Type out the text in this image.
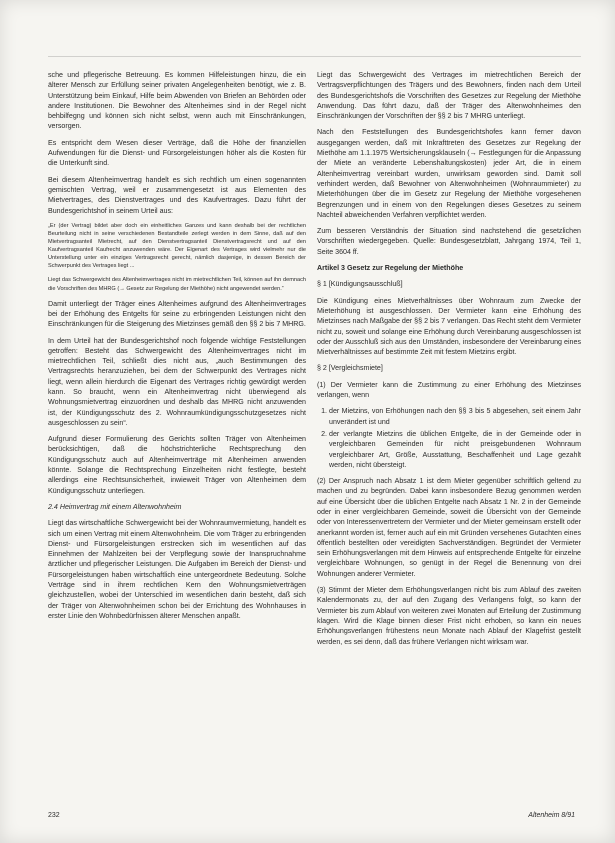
sche und pflegerische Betreuung. Es kommen Hilfeleistungen hinzu, die ein älterer Mensch zur Erfüllung seiner privaten Angelegenheiten benötigt, wie z. B. Unterstützung beim Einkauf, Hilfe beim Abwenden von Briefen an Behörden oder andere Institutionen. Die Bewohner des Altenheimes sind in der Regel nicht behbilfegng und können sich nicht selbst, wenn auch mit Einschränkungen, versorgen.

Es entspricht dem Wesen dieser Verträge, daß die Höhe der finanziellen Aufwendungen für die Dienst- und Fürsorgeleistungen höher als die Kosten für die Unterkunft sind.

Bei diesem Altenheimvertrag handelt es sich rechtlich um einen sogenannten gemischten Vertrag, weil er zusammengesetzt ist aus Elementen des Mietvertrages, des Dienstvertrages und des Kaufvertrages. Dazu führt der Bundesgerichtshof in seinem Urteil aus:

„Er (der Vertrag) bildet aber doch ein einheitliches Ganzes und kann deshalb bei der rechtlichen Beurteilung nicht in seine verschiedenen Bestandteile zerlegt werden in dem Sinne, daß auf den Mietvertragsanteil Mietrecht, auf den Dienstvertragsanteil Dienstvertragsrecht und auf den Kaufvertragsanteil Kaufrecht anzuwenden wäre. Der Eigenart des Vertrages wird vielmehr nur die Unterstellung unter ein einziges Vertragsrecht gerecht, nämlich dasjenige, in dessen Bereich der Schwerpunkt des Vertrages liegt ...

Liegt das Schwergewicht des Altenheimvertrages nicht im mietrechtlichen Teil, können auf ihn demnach die Vorschriften des MHRG (→ Gesetz zur Regelung der Miethöhe) nicht angewendet werden.“

Damit unterliegt der Träger eines Altenheimes aufgrund des Altenheimvertrages bei der Erhöhung des Entgelts für seine zu erbringenden Leistungen nicht den Einschränkungen für die Steigerung des Mietzinses gemäß den §§ 2 bis 7 MHRG.

In dem Urteil hat der Bundesgerichtshof noch folgende wichtige Feststellungen getroffen: Besteht das Schwergewicht des Altenheimvertrages nicht im mietrechtlichen Teil, schließt dies nicht aus, „auch Bestimmungen des Vertragsrechts heranzuziehen, bei dem der Schwerpunkt des Vertrages nicht liegt, wenn allein hierdurch die Eigenart des Vertrages richtig gewürdigt werden kann. So braucht, wenn ein Altenheimvertrag nicht überwiegend als Wohnungsmietvertrag einzuordnen und deshalb das MHRG nicht anzuwenden ist, der Kündigungsschutz des 2. Wohnraumkündigungsschutzgesetzes nicht ausgeschlossen zu sein“.

Aufgrund dieser Formulierung des Gerichts sollten Träger von Altenheimen berücksichtigen, daß die höchstrichterliche Rechtsprechung den Kündigungsschutz auch auf Altenheimverträge mit Altenheimen anwenden könnte. Solange die Rechtsprechung Einzelheiten nicht festlegte, besteht allerdings eine Rechtsunsicherheit, inwieweit Träger von Altenheimen dem Kündigungsschutz unterliegen.

2.4 Heimvertrag mit einem Altenwohnheim

Liegt das wirtschaftliche Schwergewicht bei der Wohnraumvermietung, handelt es sich um einen Vertrag mit einem Altenwohnheim. Die vom Träger zu erbringenden Dienst- und Fürsorgeleistungen erstrecken sich im wesentlichen auf das Einnehmen der Mahlzeiten bei der Verpflegung sowie der Inanspruchnahme ärztlicher und pflegerischer Leistungen. Die Aufgaben im Bereich der Dienst- und Fürsorgeleistungen haben wirtschaftlich eine untergeordnete Bedeutung. Solche Verträge sind in ihrem rechtlichen Kern den Wohnungsmietverträgen gleichzustellen, wobei der Unterschied im wesentlichen darin besteht, daß sich der Träger von Altenwohnheimen schon bei der Errichtung des Wohnhauses in erster Linie den Wohnbedürfnissen älterer Menschen anpaßt.

Liegt das Schwergewicht des Vertrages im mietrechtlichen Bereich der Vertragsverpflichtungen des Trägers und des Bewohners, finden nach dem Urteil des Bundesgerichtshofs die Vorschriften des Gesetzes zur Regelung der Miethöhe Anwendung. Das führt dazu, daß der Träger des Altenwohnheimes den Einschränkungen der Vorschriften der §§ 2 bis 7 MHRG unterliegt.

Nach den Feststellungen des Bundesgerichtshofes kann ferner davon ausgegangen werden, daß mit Inkrafttreten des Gesetzes zur Regelung der Miethöhe am 1.1.1975 Wertsicherungsklauseln (→ Festlegungen für die Anpassung der Miete an veränderte Lebenshaltungskosten) jeder Art, die in einem Altenheimvertrag vereinbart wurden, unwirksam geworden sind. Damit soll verhindert werden, daß Bewohner von Altenwohnheimen (Wohnraummieter) zu Mieterhöhungen über die im Gesetz zur Regelung der Miethöhe vorgesehenen Begrenzungen und in einem von den Regelungen dieses Gesetzes zu seinem Nachteil abweichenden Verfahren verpflichtet werden.

Zum besseren Verständnis der Situation sind nachstehend die gesetzlichen Vorschriften wiedergegeben. Quelle: Bundesgesetzblatt, Jahrgang 1974, Teil 1, Seite 3604 ff.

Artikel 3 Gesetz zur Regelung der Miethöhe

§ 1 [Kündigungsausschluß]

Die Kündigung eines Mietverhältnisses über Wohnraum zum Zwecke der Mieterhöhung ist ausgeschlossen. Der Vermieter kann eine Erhöhung des Mietzinses nach Maßgabe der §§ 2 bis 7 verlangen. Das Recht steht dem Vermieter nicht zu, soweit und solange eine Erhöhung durch Vereinbarung ausgeschlossen ist oder der Ausschluß sich aus den Umständen, insbesondere der Vereinbarung eines Mietverhältnisses auf bestimmte Zeit mit festem Mietzins ergibt.

§ 2 [Vergleichsmiete]

(1) Der Vermieter kann die Zustimmung zu einer Erhöhung des Mietzinses verlangen, wenn

1. der Mietzins, von Erhöhungen nach den §§ 3 bis 5 abgesehen, seit einem Jahr unverändert ist und
2. der verlangte Mietzins die üblichen Entgelte, die in der Gemeinde oder in vergleichbaren Gemeinden für nicht preisgebundenen Wohnraum vergleichbarer Art, Größe, Ausstattung, Beschaffenheit und Lage gezahlt werden, nicht übersteigt.

(2) Der Anspruch nach Absatz 1 ist dem Mieter gegenüber schriftlich geltend zu machen und zu begründen. Dabei kann insbesondere Bezug genommen werden auf eine Übersicht über die üblichen Entgelte nach Absatz 1 Nr. 2 in der Gemeinde oder in einer vergleichbaren Gemeinde, soweit die Übersicht von der Gemeinde oder von Interessenvertretern der Vermieter und der Mieter gemeinsam erstellt oder anerkannt worden ist, ferner auch auf ein mit Gründen versehenes Gutachten eines öffentlich bestellten oder vereidigten Sachverständigen. Begründet der Vermieter sein Erhöhungsverlangen mit dem Hinweis auf entsprechende Entgelte für einzelne vergleichbare Wohnungen, so genügt in der Regel die Benennung von drei Wohnungen anderer Vermieter.

(3) Stimmt der Mieter dem Erhöhungsverlangen nicht bis zum Ablauf des zweiten Kalendermonats zu, der auf den Zugang des Verlangens folgt, so kann der Vermieter bis zum Ablauf von weiteren zwei Monaten auf Erteilung der Zustimmung klagen. Wird die Klage binnen dieser Frist nicht erhoben, so kann ein neues Erhöhungsverlangen frühestens neun Monate nach Ablauf der Klagefrist gestellt werden, es sei denn, daß das frühere Verlangen nicht wirksam war.

232	Altenheim 8/91
